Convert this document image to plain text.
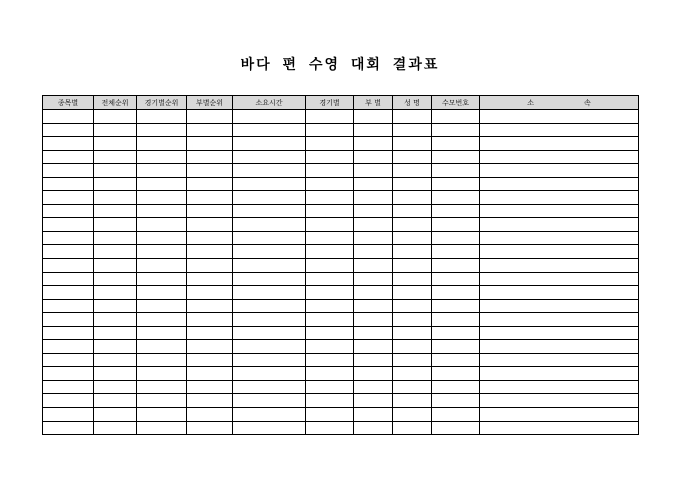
바다 편 수영 대회 결과표
종목별	전체순위	경기별순위	부별순위	소요시간	경기별	부 별	성 명	수모번호	소 속
